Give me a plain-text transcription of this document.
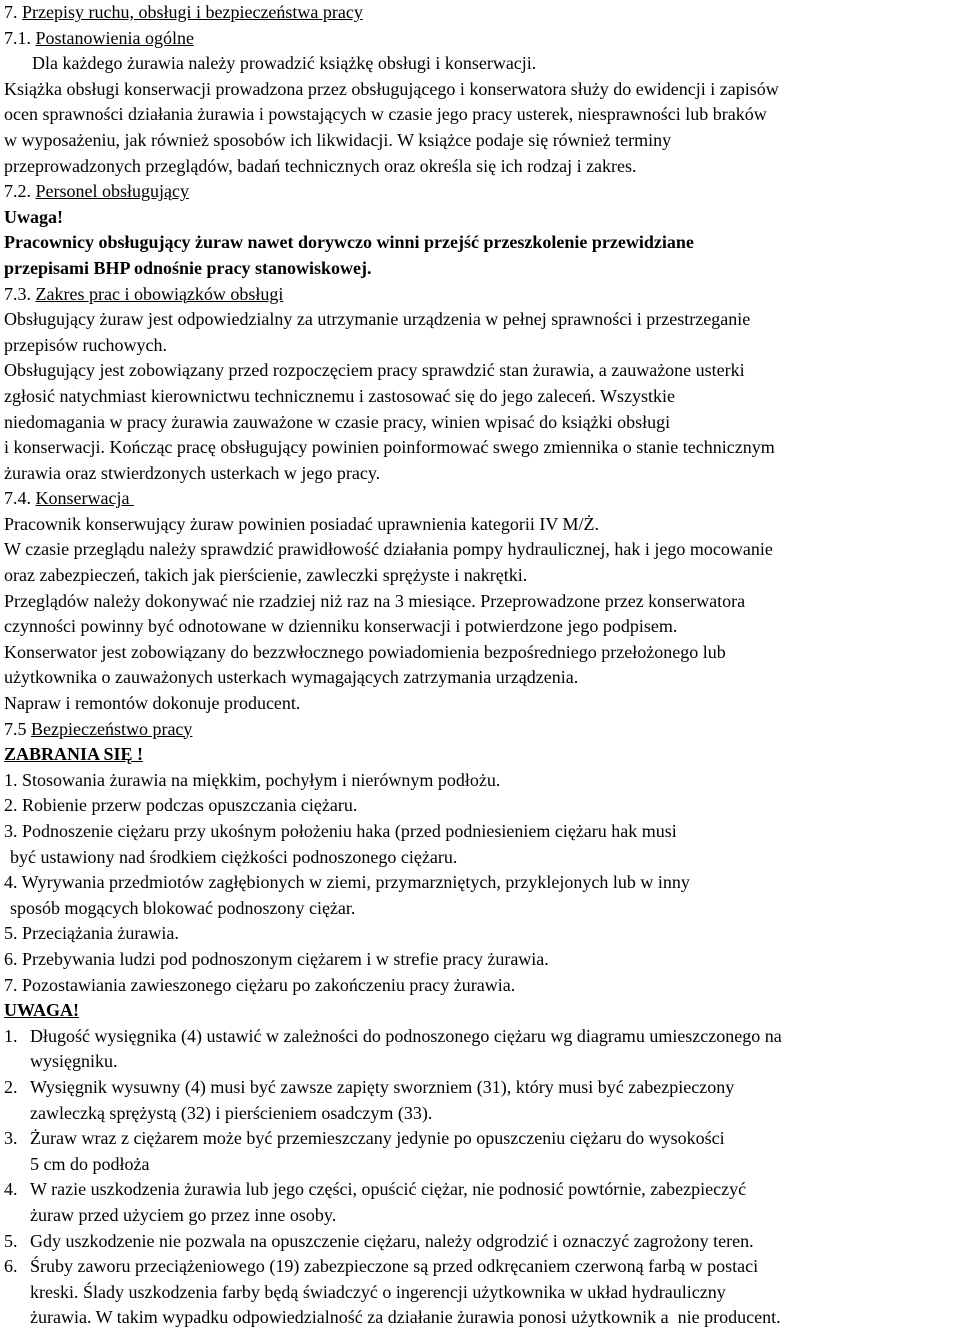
7. Przepisy ruchu, obsługi i bezpieczeństwa pracy
7.1. Postanowienia ogólne
Dla każdego żurawia należy prowadzić książkę obsługi i konserwacji.
Książka obsługi konserwacji prowadzona przez obsługującego i konserwatora służy do ewidencji i zapisów
ocen sprawności działania żurawia i powstających w czasie jego pracy usterek, niesprawności lub braków
w wyposażeniu, jak również sposobów ich likwidacji. W książce podaje się również terminy
przeprowadzonych przeglądów, badań technicznych oraz określa się ich rodzaj i zakres.
7.2. Personel obsługujący
Uwaga!
Pracownicy obsługujący żuraw nawet dorywczo winni przejść przeszkolenie przewidziane
przepisami BHP odnośnie pracy stanowiskowej.
7.3. Zakres prac i obowiązków obsługi
Obsługujący żuraw jest odpowiedzialny za utrzymanie urządzenia w pełnej sprawności i przestrzeganie
przepisów ruchowych.
Obsługujący jest zobowiązany przed rozpoczęciem pracy sprawdzić stan żurawia, a zauważone usterki
zgłosić natychmiast kierownictwu technicznemu i zastosować się do jego zaleceń. Wszystkie
niedomagania w pracy żurawia zauważone w czasie pracy, winien wpisać do książki obsługi
i konserwacji. Kończąc pracę obsługujący powinien poinformować swego zmiennika o stanie technicznym
żurawia oraz stwierdzonych usterkach w jego pracy.
7.4. Konserwacja
Pracownik konserwujący żuraw powinien posiadać uprawnienia kategorii IV M/Ż.
W czasie przeglądu należy sprawdzić prawidłowość działania pompy hydraulicznej, hak i jego mocowanie
oraz zabezpieczeń, takich jak pierścienie, zawleczki sprężyste i nakrętki.
Przeglądów należy dokonywać nie rzadziej niż raz na 3 miesiące. Przeprowadzone przez konserwatora
czynności powinny być odnotowane w dzienniku konserwacji i potwierdzone jego podpisem.
Konserwator jest zobowiązany do bezzwłocznego powiadomienia bezpośredniego przełożonego lub
użytkownika o zauważonych usterkach wymagających zatrzymania urządzenia.
Napraw i remontów dokonuje producent.
7.5 Bezpieczeństwo pracy
ZABRANIA SIĘ !
1. Stosowania żurawia na miękkim, pochyłym i nierównym podłożu.
2. Robienie przerw podczas opuszczania ciężaru.
3. Podnoszenie ciężaru przy ukośnym położeniu haka (przed podniesieniem ciężaru hak musi
być ustawiony nad środkiem ciężkości podnoszonego ciężaru.
4. Wyrywania przedmiotów zagłębionych w ziemi, przymarzniętych, przyklejonych lub w inny
sposób mogących blokować podnoszony ciężar.
5. Przeciążania żurawia.
6. Przebywania ludzi pod podnoszonym ciężarem i w strefie pracy żurawia.
7. Pozostawiania zawieszonego ciężaru po zakończeniu pracy żurawia.
UWAGA!
1. Długość wysięgnika (4) ustawić w zależności do podnoszonego ciężaru wg diagramu umieszczonego na
wysięgniku.
2. Wysięgnik wysuwny (4) musi być zawsze zapięty sworzniem (31), który musi być zabezpieczony
zawleczką sprężystą (32) i pierścieniem osadczym (33).
3. Żuraw wraz z ciężarem może być przemieszczany jedynie po opuszczeniu ciężaru do wysokości
5 cm do podłoża
4. W razie uszkodzenia żurawia lub jego części, opuścić ciężar, nie podnosić powtórnie, zabezpieczyć
żuraw przed użyciem go przez inne osoby.
5. Gdy uszkodzenie nie pozwala na opuszczenie ciężaru, należy odgrodzić i oznaczyć zagrożony teren.
6. Śruby zaworu przeciążeniowego (19) zabezpieczone są przed odkręcaniem czerwoną farbą w postaci
kreski. Ślady uszkodzenia farby będą świadczyć o ingerencji użytkownika w układ hydrauliczny
żurawia. W takim wypadku odpowiedzialność za działanie żurawia ponosi użytkownik a  nie producent.
